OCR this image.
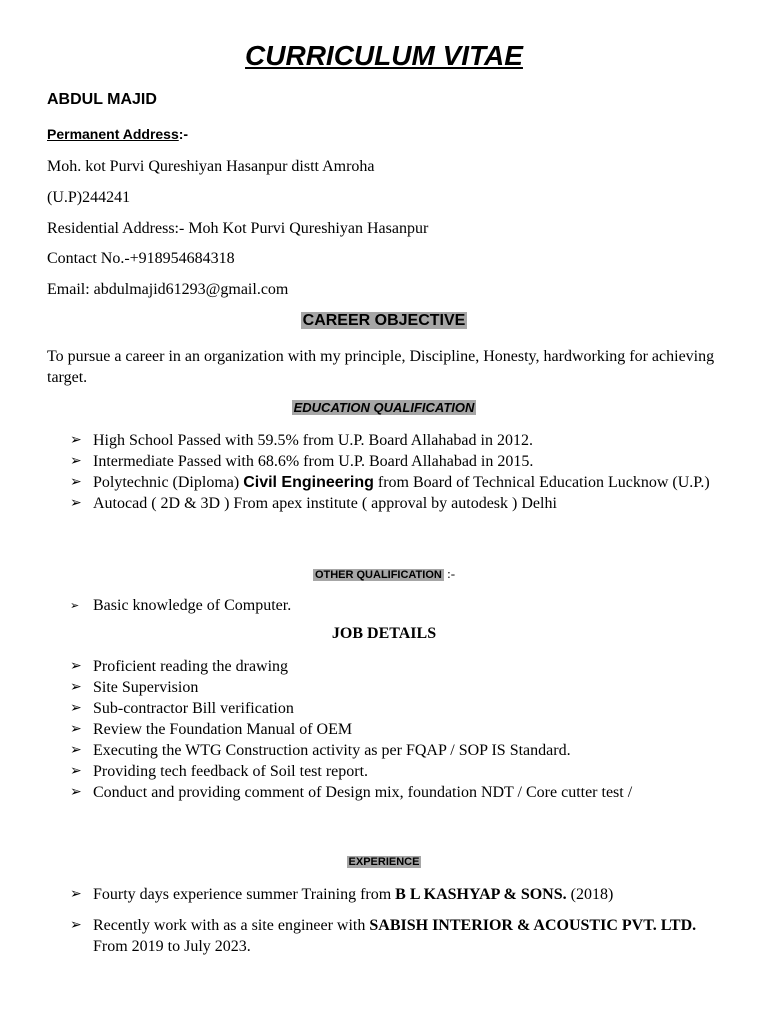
CURRICULUM VITAE
ABDUL MAJID
Permanent Address:-
Moh. kot Purvi Qureshiyan Hasanpur distt Amroha
(U.P)244241
Residential Address:- Moh Kot Purvi Qureshiyan Hasanpur
Contact No.-+918954684318
Email: abdulmajid61293@gmail.com
CAREER OBJECTIVE
To pursue a career in an organization with my principle, Discipline, Honesty, hardworking for achieving target.
EDUCATION QUALIFICATION
➢ High School Passed with 59.5% from U.P. Board Allahabad in 2012.
➢ Intermediate Passed with 68.6% from U.P. Board Allahabad in 2015.
➢ Polytechnic (Diploma) Civil Engineering from Board of Technical Education Lucknow (U.P.)
➢ Autocad ( 2D & 3D ) From apex institute ( approval by autodesk ) Delhi
OTHER QUALIFICATION :-
➢ Basic knowledge of Computer.
JOB DETAILS
➢ Proficient reading the drawing
➢ Site Supervision
➢ Sub-contractor Bill verification
➢ Review the Foundation Manual of OEM
➢ Executing the WTG Construction activity as per FQAP / SOP IS Standard.
➢ Providing tech feedback of Soil test report.
➢ Conduct and providing comment of Design mix, foundation NDT / Core cutter test /
EXPERIENCE
➢ Fourty days experience summer Training from B L KASHYAP & SONS. (2018)
➢ Recently work with as a site engineer with SABISH INTERIOR & ACOUSTIC PVT. LTD. From 2019 to July 2023.
